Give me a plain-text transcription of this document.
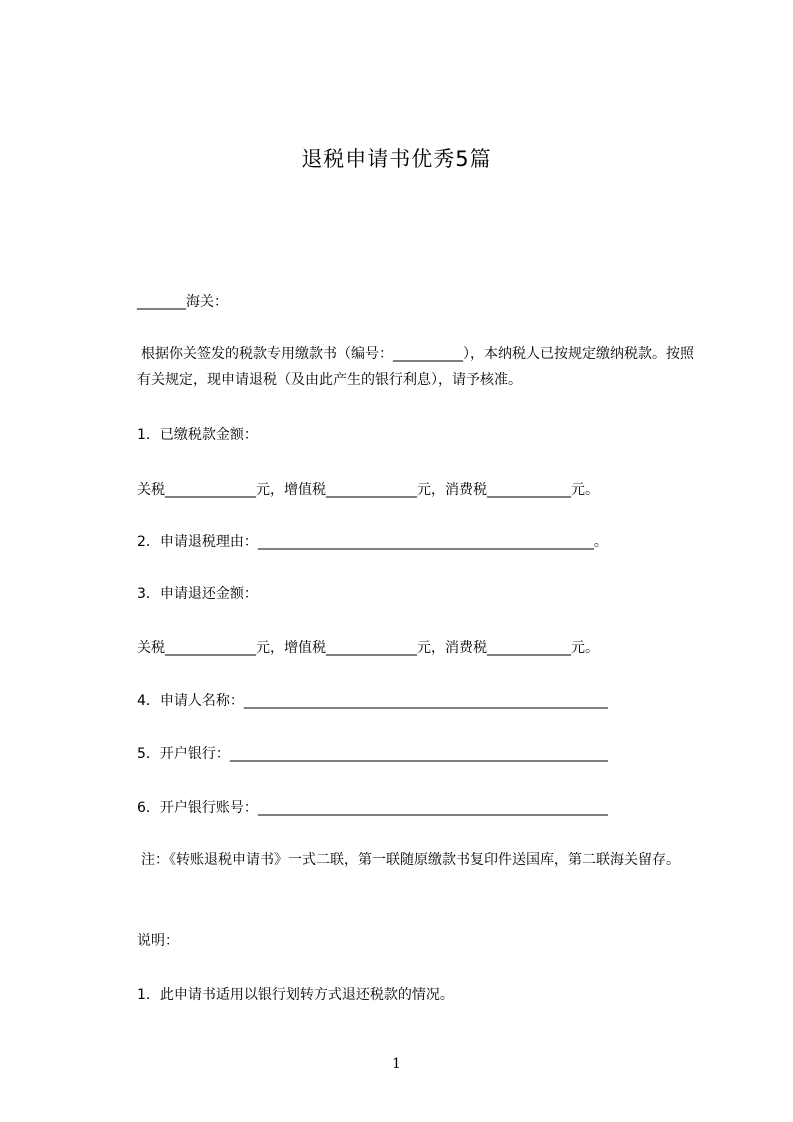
退税申请书优秀5篇
_______海关：
根据你关签发的税款专用缴款书（编号：__________），本纳税人已按规定缴纳税款。按照有关规定，现申请退税（及由此产生的银行利息），请予核准。
1．已缴税款金额：
关税_____________元，增值税_____________元，消费税____________元。
2．申请退税理由：________________________________________________。
3．申请退还金额：
关税_____________元，增值税_____________元，消费税____________元。
4．申请人名称：____________________________________________________
5．开户银行：______________________________________________________
6．开户银行账号：__________________________________________________
注：《转账退税申请书》一式二联，第一联随原缴款书复印件送国库，第二联海关留存。
说明：
1．此申请书适用以银行划转方式退还税款的情况。
1
